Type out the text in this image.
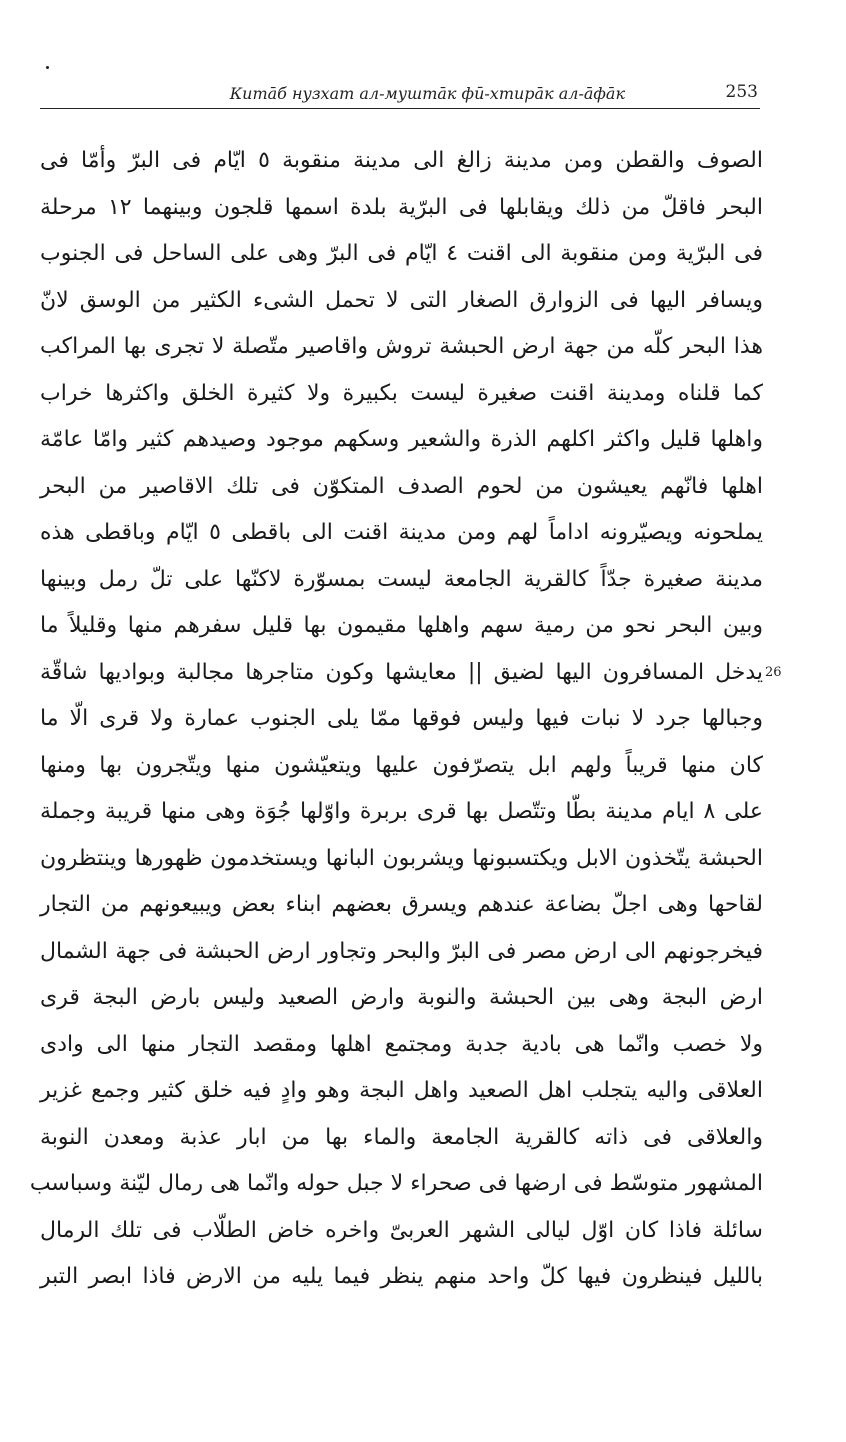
Китāб нузхат ал-муштāк фӣ-хтирāк ал-āфāк	253
الصوف والقطن ومن مدينة زالغ الى مدينة منقوبة ٥ ايّام فى البرّ وأمّا فى
البحر فاقلّ من ذلك ويقابلها فى البرّية بلدة اسمها قلجون وبينهما ١٢ مرحلة
فى البرّية ومن منقوبة الى اقنت ٤ ايّام فى البرّ وهى على الساحل فى الجنوب
ويسافر اليها فى الزوارق الصغار التى لا تحمل الشىء الكثير من الوسق لانّ
هذا البحر كلّه من جهة ارض الحبشة تروش واقاصير متّصلة لا تجرى بها المراكب
كما قلناه ومدينة اقنت صغيرة ليست بكبيرة ولا كثيرة الخلق واكثرها خراب
واهلها قليل واكثر اكلهم الذرة والشعير وسكهم موجود وصيدهم كثير وامّا عامّة
اهلها فانّهم يعيشون من لحوم الصدف المتكوّن فى تلك الاقاصير من البحر
يملحونه ويصيّرونه اداماً لهم ومن مدينة اقنت الى باقطى ٥ ايّام وباقطى هذه
مدينة صغيرة جدّاً كالقرية الجامعة ليست بمسوّرة لاكنّها على تلّ رمل وبينها
وبين البحر نحو من رمية سهم واهلها مقيمون بها قليل سفرهم منها وقليلاً ما
يدخل المسافرون اليها لضيق || معايشها وكون متاجرها مجالبة وبواديها شاقّة 26
وجبالها جرد لا نبات فيها وليس فوقها ممّا يلى الجنوب عمارة ولا قرى الّا ما
كان منها قريباً ولهم ابل يتصرّفون عليها ويتعيّشون منها ويتّجرون بها ومنها
على ٨ ايام مدينة بطّا وتتّصل بها قرى بربرة واوّلها جُوَة وهى منها قريبة وجملة
الحبشة يتّخذون الابل ويكتسبونها ويشربون البانها ويستخدمون ظهورها وينتظرون
لقاحها وهى اجلّ بضاعة عندهم ويسرق بعضهم ابناء بعض ويبيعونهم من التجار
فيخرجونهم الى ارض مصر فى البرّ والبحر وتجاور ارض الحبشة فى جهة الشمال
ارض البجة وهى بين الحبشة والنوبة وارض الصعيد وليس بارض البجة قرى
ولا خصب وانّما هى بادية جدبة ومجتمع اهلها ومقصد التجار منها الى وادى
العلاقى واليه يتجلب اهل الصعيد واهل البجة وهو وادٍ فيه خلق كثير وجمع غزير
والعلاقى فى ذاته كالقرية الجامعة والماء بها من ابار عذبة ومعدن النوبة
المشهور متوسّط فى ارضها فى صحراء لا جبل حوله وانّما هى رمال ليّنة وسباسب
سائلة فاذا كان اوّل ليالى الشهر العربىّ واخره خاض الطلّاب فى تلك الرمال
بالليل فينظرون فيها كلّ واحد منهم ينظر فيما يليه من الارض فاذا ابصر التبر
